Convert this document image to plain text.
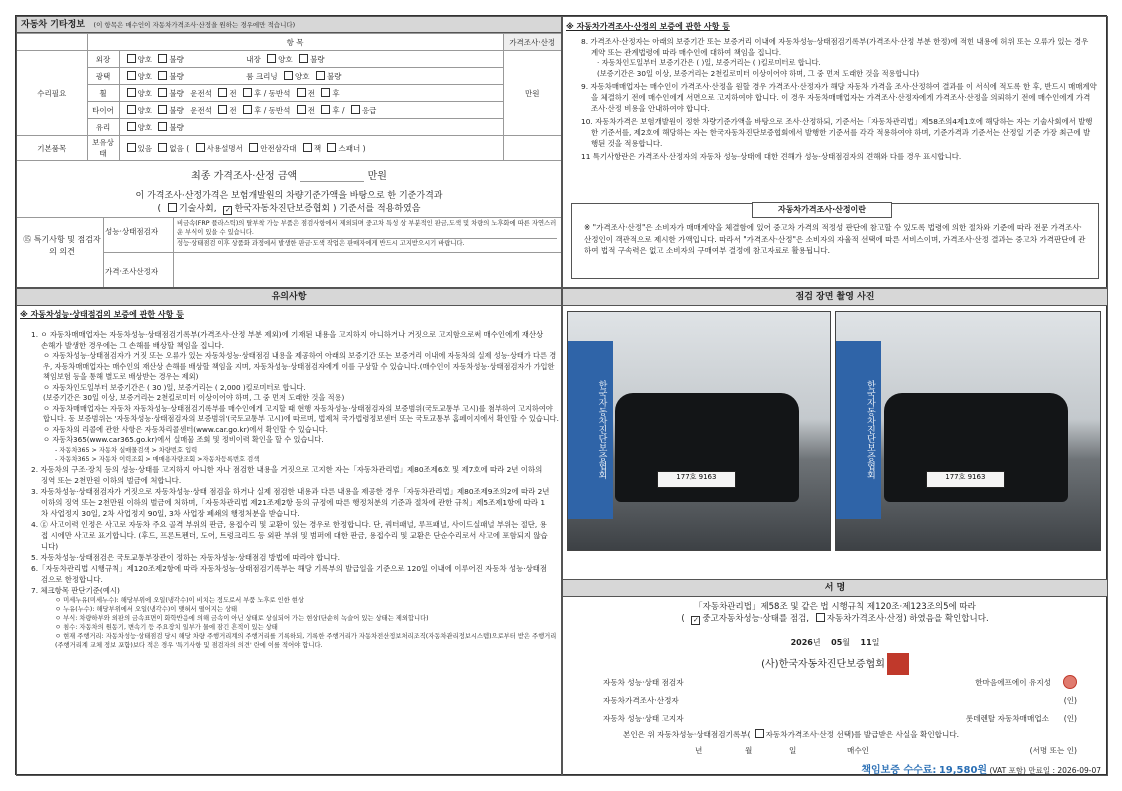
자동차 기타정보 (이 항목은 매수인이 자동차가격조사·산정을 원하는 경우에만 적습니다)
	항 목		가격조사·산정
수리필요	외장	양호 불량 내장 양호 불량	만원
	광택	양호 불량 룸 크리닝 양호 불량	
	휠	양호 불량 운전석 전 후 / 동반석 전 후	
	타이어	양호 불량 운전석 전 후 / 동반석 전 후 / 응급	
	유리	양호 불량	
기본품목	보유상태	있음 없음 ( 사용설명서 안전삼각대 잭 스패너 )	
최종 가격조사·산정 금액	만원
이 가격조사·산정가격은 보험개발원의 차량기준가액을 바탕으로 한 기준가격과
( 기술사회, ✓ 한국자동차진단보증협회 ) 기준서를 적용하였음
⑮ 특기사항 및 점검자의 의견
성능·상태점검자
비금속(FRP 플라스틱)의 탈부착 가능 부품은 점검사항에서 제외되며 중고차 특성 상 부분적인 판금,도색 및 차량의 노후화에 따른 자연스러운 부식이 있을 수 있습니다.
성능·상태점검 이후 상품화 과정에서 발생한 판금·도색 작업은 판매자에게 반드시 고지받으시기 바랍니다.
가격·조사산정자
※ 자동차가격조사·산정의 보증에 관한 사항 등
8. 가격조사·산정자는 아래의 보증기간 또는 보증거리 이내에 자동차성능·상태점검기록부(가격조사·산정 부분 한정)에 적힌 내용에 허위 또는 오류가 있는 경우 계약 또는 관계법령에 따라 매수인에 대하여 책임을 집니다.
· 자동차인도일부터 보증기간은 ( )일, 보증거리는 ( )킬로미터로 합니다.
(보증기간은 30일 이상, 보증거리는 2천킬로미터 이상이어야 하며, 그 중 먼저 도래한 것을 적용합니다)
9. 자동차매매업자는 매수인이 가격조사·산정을 원할 경우 가격조사·산정자가 해당 자동차 가격을 조사·산정하여 결과를 이 서식에 적도록 한 후, 반드시 매매계약을 체결하기 전에 매수인에게 서면으로 고지하여야 합니다. 이 경우 자동차매매업자는 가격조사·산정자에게 가격조사·산정을 의뢰하기 전에 매수인에게 가격조사·산정 비용을 안내하여야 합니다.
10. 자동차가격은 보험개발원이 정한 차량기준가액을 바탕으로 조사·산정하되, 기준서는「자동차관리법」제58조의4제1호에 해당하는 자는 기술사회에서 발행한 기준서를, 제2호에 해당하는 자는 한국자동차진단보증협회에서 발행한 기준서를 각각 적용하여야 하며, 기준가격과 기준서는 산정일 기준 가장 최근에 발행된 것을 적용합니다.
11 특기사항란은 가격조사·산정자의 자동차 성능·상태에 대한 견해가 성능·상태점검자의 견해와 다를 경우 표시합니다.
자동차가격조사·산정이란
※ "가격조사·산정"은 소비자가 매매계약을 체결함에 있어 중고차 가격의 적정성 판단에 참고할 수 있도록 법령에 의한 절차와 기준에 따라 전문 가격조사·산정인이 객관적으로 제시한 가액입니다. 따라서 "가격조사·산정"은 소비자의 자율적 선택에 따른 서비스이며, 가격조사·산정 결과는 중고차 가격판단에 관하여 법적 구속력은 없고 소비자의 구매여부 결정에 참고자료로 활용됩니다.
유의사항
※ 자동차성능·상태점검의 보증에 관한 사항 등
1. ㅇ 자동차매매업자는 자동차성능·상태점검기록부(가격조사·산정 부분 제외)에 기재된 내용을 고지하지 아니하거나 거짓으로 고지함으로써 매수인에게 재산상 손해가 발생한 경우에는 그 손해를 배상할 책임을 집니다.
ㅇ 자동차성능·상태점검자가 거짓 또는 오류가 있는 자동차성능·상태점검 내용을 제공하여 아래의 보증기간 또는 보증거리 이내에 자동차의 실제 성능·상태가 다른 경우, 자동차매매업자는 매수인의 재산상 손해를 배상할 책임을 지며, 자동차성능·상태점검자에게 이를 구상할 수 있습니다.(매수인이 자동차성능·상태점검자가 가입한 책임보험 등을 통해 별도로 배상받는 경우는 제외)
ㅇ 자동차인도일부터 보증기간은 ( 30 )일, 보증거리는 ( 2,000 )킬로미터로 합니다.
(보증기간은 30일 이상, 보증거리는 2천킬로미터 이상이어야 하며, 그 중 먼저 도래한 것을 적용)
ㅇ 자동차매매업자는 자동차 자동차성능·상태점검기록부를 매수인에게 고지할 때 현행 자동차성능·상태점검자의 보증범위(국토교통부 고시)를 첨부하여 고지하여야 합니다. 동 보증범위는 '자동차성능·상태점검자의 보증범위'(국토교통부 고시)에 따르며, 법제처 국가법령정보센터 또는 국토교통부 홈페이지에서 확인할 수 있습니다.
ㅇ 자동차의 리콜에 관한 사항은 자동차리콜센터(www.car.go.kr)에서 확인할 수 있습니다.
ㅇ 자동차365(www.car365.go.kr)에서 실매물 조회 및 정비이력 확인을 할 수 있습니다.
- 자동차365 > 자동차 실매물검색 > 차량번호 입력
- 자동차365 > 자동차 이력조회 > 매매용자량조회 >자동차등록번호 검색
2. 자동차의 구조·장치 등의 성능·상태를 고지하지 아니한 자나 점검한 내용을 거짓으로 고지한 자는「자동차관리법」제80조제6호 및 제7호에 따라 2년 이하의 징역 또는 2천만원 이하의 벌금에 처합니다.
3. 자동차성능·상태점검자가 거짓으로 자동차성능·상태 점검을 하거나 실제 점검한 내용과 다른 내용을 제공한 경우「자동차관리법」제80조제9조의2에 따라 2년 이하의 징역 또는 2천만원 이하의 벌금에 처하며,「자동차관리법 제21조제2항 등의 규정에 따른 행정처분의 기준과 절차에 관한 규칙」제5조제1항에 따라 1차 사업정지 30일, 2차 사업정지 90일, 3차 사업장 폐쇄의 행정처분을 받습니다.
4. ⓖ 사고이력 인정은 사고로 자동차 주요 골격 부위의 판금, 용접수리 및 교환이 있는 경우로 한정합니다. 단, 쿼터패널, 루프패널, 사이드실패널 부위는 절단, 용접 시에만 사고로 표기합니다. (후드, 프론트펜더, 도어, 트렁크리드 등 외판 부위 및 범퍼에 대한 판금, 용접수리 및 교환은 단순수리로서 사고에 포함되지 않습니다)
5. 자동차성능·상태점검은 국토교통부장관이 정하는 자동차성능·상태점검 방법에 따라야 합니다.
6.「자동차관리법 시행규칙」제120조제2항에 따라 자동차성능·상태점검기록부는 해당 기록부의 발급일을 기준으로 120일 이내에 이루어진 자동차 성능·상태점검으로 한정합니다.
7. 체크항목 판단기준(예시)
ㅇ 미세누유(미세누수): 해당부위에 오일(냉각수)이 비치는 정도로서 부품 노후로 인한 현상
ㅇ 누유(누수): 해당부위에서 오일(냉각수)이 맺혀서 떨어지는 상태
ㅇ 부식: 차량하부와 외판의 금속표면이 화학반응에 의해 금속이 아닌 상태로 상실되어 가는 현상(단순히 녹슬어 있는 상태는 제외합니다)
ㅇ 침수: 자동차의 원동기, 변속기 등 주요장치 일부가 물에 잠긴 흔적이 있는 상태
ㅇ 현재 주행거리: 자동차성능·상태점검 당시 해당 차량 주행거리계의 주행거리를 기록하되, 기록한 주행거리가 자동차전산정보처리조직(자동차관리정보시스템)으로부터 받은 주행거리(주행거리계 교체 정보 포함)보다 적은 경우 '특기사항 및 점검자의 의견' 란에 이를 적어야 합니다.
점검 장면 촬영 사진
한국자동차진단보증협회	177호 9163	한국자동차진단보증협회	177호 9163
서 명
「자동차관리법」제58조 및 같은 법 시행규칙 제120조·제123조의5에 따라
( ✓중고자동차성능·상태를 점검, 자동차가격조사·산정) 하였음을 확인합니다.
2026년 05월 11일
(사)한국자동차진단보증협회
자동차 성능·상태 점검자	한마음에프에이 유지성
자동차가격조사·산정자	(인)
자동차 성능·상태 고지자	롯데렌탈 자동차매매업소 (인)
본인은 위 자동차성능·상태점검기록부( 자동차가격조사·산정 선택)를 발급받은 사실을 확인합니다.
년	월	일	매수인	(서명 또는 인)
책임보증 수수료: 19,580원 (VAT 포함) 만료일 : 2026-09-07
